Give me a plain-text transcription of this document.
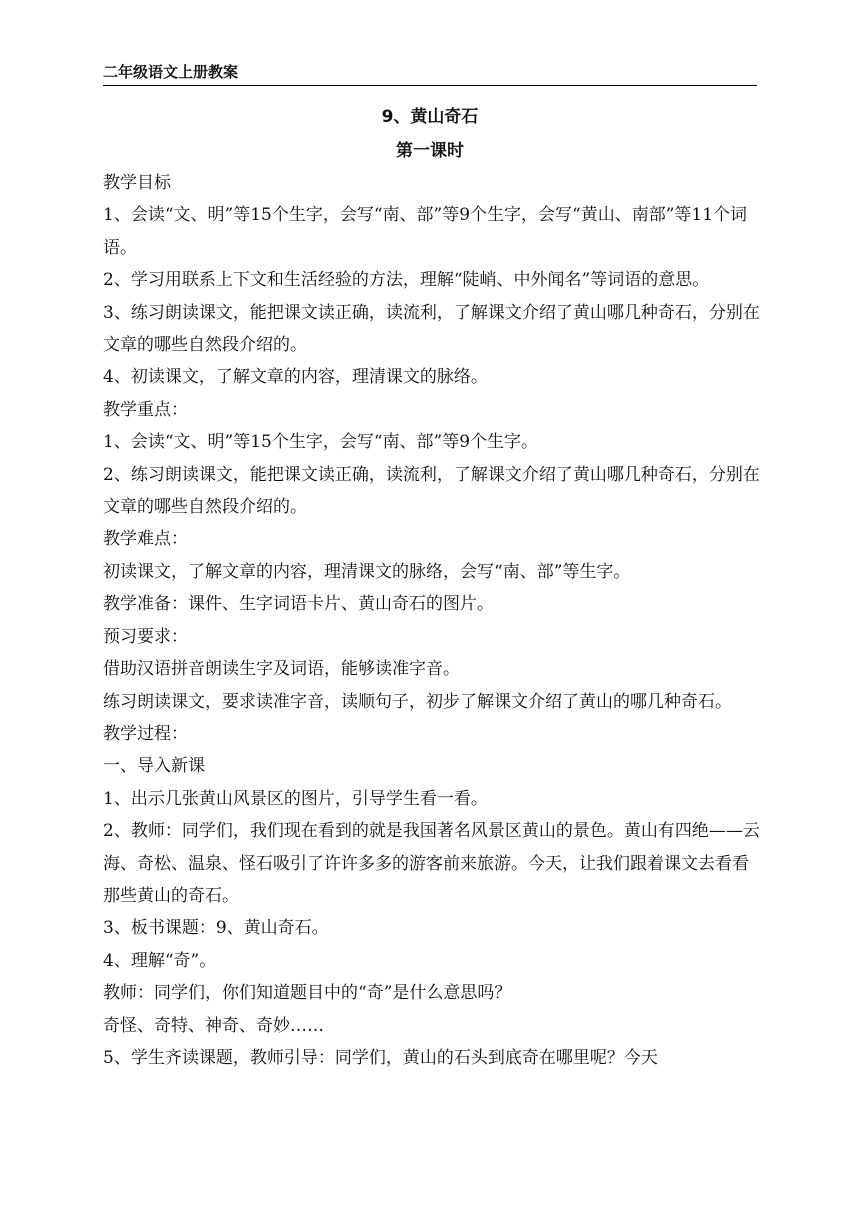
二年级语文上册教案
9、黄山奇石
第一课时

教学目标

1、会读“文、明”等15个生字，会写“南、部”等9个生字，会写“黄山、南部”等11个词语。

2、学习用联系上下文和生活经验的方法，理解“陡峭、中外闻名”等词语的意思。

3、练习朗读课文，能把课文读正确，读流利，了解课文介绍了黄山哪几种奇石，分别在文章的哪些自然段介绍的。

4、初读课文，了解文章的内容，理清课文的脉络。

教学重点：

1、会读“文、明”等15个生字，会写“南、部”等9个生字。

2、练习朗读课文，能把课文读正确，读流利，了解课文介绍了黄山哪几种奇石，分别在文章的哪些自然段介绍的。

教学难点：

初读课文，了解文章的内容，理清课文的脉络，会写“南、部”等生字。

教学准备：课件、生字词语卡片、黄山奇石的图片。

预习要求：

借助汉语拼音朗读生字及词语，能够读准字音。

练习朗读课文，要求读准字音，读顺句子，初步了解课文介绍了黄山的哪几种奇石。

教学过程：

一、导入新课

1、出示几张黄山风景区的图片，引导学生看一看。

2、教师：同学们，我们现在看到的就是我国著名风景区黄山的景色。黄山有四绝——云海、奇松、温泉、怪石吸引了许许多多的游客前来旅游。今天，让我们跟着课文去看看那些黄山的奇石。

3、板书课题：9、黄山奇石。

4、理解“奇”。

教师：同学们，你们知道题目中的“奇”是什么意思吗？

奇怪、奇特、神奇、奇妙……

5、学生齐读课题，教师引导：同学们，黄山的石头到底奇在哪里呢？今天
